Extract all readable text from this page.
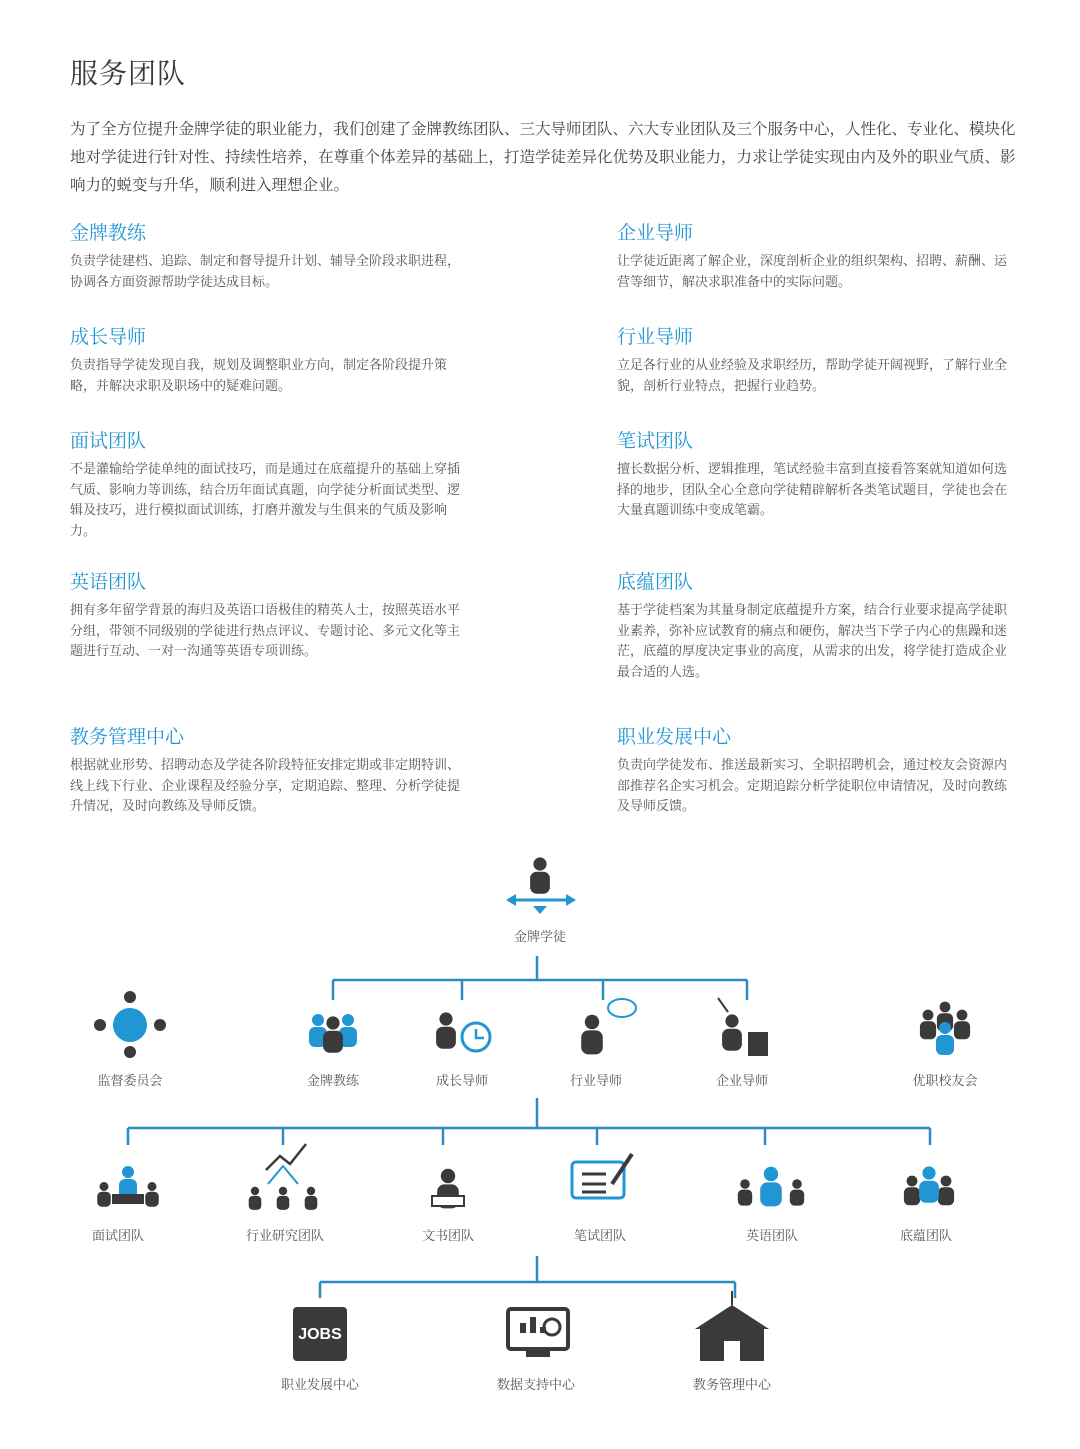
服务团队
为了全方位提升金牌学徒的职业能力，我们创建了金牌教练团队、三大导师团队、六大专业团队及三个服务中心，人性化、专业化、模块化地对学徒进行针对性、持续性培养，在尊重个体差异的基础上，打造学徒差异化优势及职业能力，力求让学徒实现由内及外的职业气质、影响力的蜕变与升华，顺利进入理想企业。
金牌教练
负责学徒建档、追踪、制定和督导提升计划、辅导全阶段求职进程，协调各方面资源帮助学徒达成目标。
企业导师
让学徒近距离了解企业，深度剖析企业的组织架构、招聘、薪酬、运营等细节，解决求职准备中的实际问题。
成长导师
负责指导学徒发现自我，规划及调整职业方向，制定各阶段提升策略，并解决求职及职场中的疑难问题。
行业导师
立足各行业的从业经验及求职经历，帮助学徒开阔视野，了解行业全貌，剖析行业特点，把握行业趋势。
面试团队
不是灌输给学徒单纯的面试技巧，而是通过在底蕴提升的基础上穿插气质、影响力等训练，结合历年面试真题，向学徒分析面试类型、逻辑及技巧，进行模拟面试训练，打磨并激发与生俱来的气质及影响力。
笔试团队
擅长数据分析、逻辑推理，笔试经验丰富到直接看答案就知道如何选择的地步，团队全心全意向学徒精辟解析各类笔试题目，学徒也会在大量真题训练中变成笔霸。
英语团队
拥有多年留学背景的海归及英语口语极佳的精英人士，按照英语水平分组，带领不同级别的学徒进行热点评议、专题讨论、多元文化等主题进行互动、一对一沟通等英语专项训练。
底蕴团队
基于学徒档案为其量身制定底蕴提升方案，结合行业要求提高学徒职业素养，弥补应试教育的痛点和硬伤，解决当下学子内心的焦躁和迷茫，底蕴的厚度决定事业的高度，从需求的出发，将学徒打造成企业最合适的人选。
教务管理中心
根据就业形势、招聘动态及学徒各阶段特征安排定期或非定期特训、线上线下行业、企业课程及经验分享，定期追踪、整理、分析学徒提升情况，及时向教练及导师反馈。
职业发展中心
负责向学徒发布、推送最新实习、全职招聘机会，通过校友会资源内部推荐名企实习机会。定期追踪分析学徒职位申请情况，及时向教练及导师反馈。
JOBS
金牌学徒
监督委员会	金牌教练	成长导师	行业导师	企业导师	优职校友会
面试团队	行业研究团队	文书团队	笔试团队	英语团队	底蕴团队
职业发展中心	数据支持中心	教务管理中心
